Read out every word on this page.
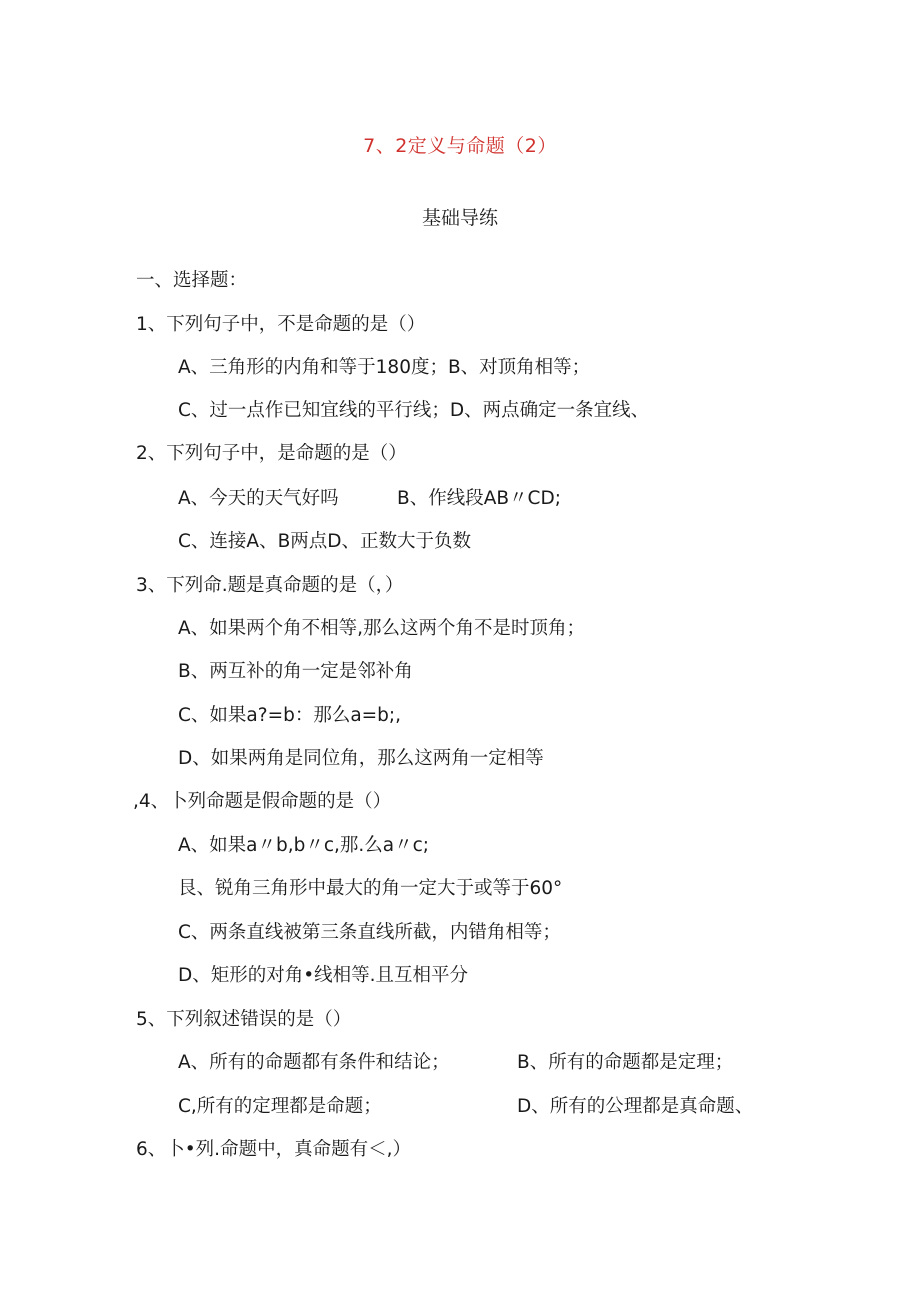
7、2定义与命题（2）
基础导练
一、选择题：
1、下列句子中，不是命题的是（）
A、三角形的内角和等于180度；B、对顶角相等；
C、过一点作已知宜线的平行线；D、两点确定一条宜线、
2、下列句子中，是命题的是（）
A、今天的天气好吗	B、作线段AB〃CD;
C、连接A、B两点D、正数大于负数
3、下列命.题是真命题的是（，）
A、如果两个角不相等,那么这两个角不是时顶角；
B、两互补的角一定是邻补角
C、如果a?=b：那么a=b;,
D、如果两角是同位角，那么这两角一定相等
,4、卜列命题是假命题的是（）
A、如果a〃b,b〃c,那.么a〃c;
艮、锐角三角形中最大的角一定大于或等于60°
C、两条直线被第三条直线所截，内错角相等；
D、矩形的对角•线相等.且互相平分
5、下列叙述错误的是（）
A、所有的命题都有条件和结论；	B、所有的命题都是定理；
C,所有的定理都是命题；	D、所有的公理都是真命题、
6、卜•列.命题中，真命题有＜,）
